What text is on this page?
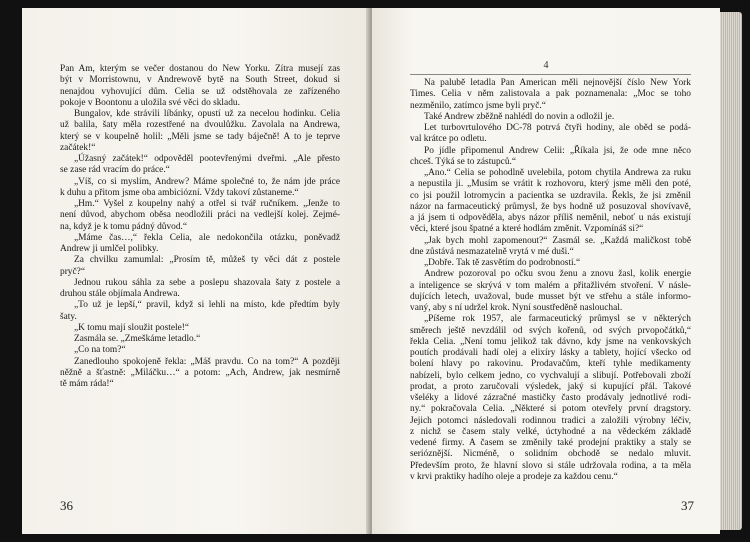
Pan Am, kterým se večer dostanou do New Yorku. Zítra musejí zas
být v Morristownu, v Andrewově bytě na South Street, dokud si
nenajdou vyhovující dům. Celia se už odstěhovala ze zařízeného
pokoje v Boontonu a uložila své věci do skladu.
Bungalov, kde strávili líbánky, opustí už za necelou hodinku. Celia
už balila, šaty měla rozestřené na dvoulůžku. Zavolala na Andrewa,
který se v koupelně holil: „Měli jsme se tady báječně! A to je teprve
začátek!“
„Úžasný začátek!“ odpověděl pootevřenými dveřmi. „Ale přesto
se zase rád vracím do práce.“
„Víš, co si myslím, Andrew? Máme společné to, že nám jde práce
k duhu a přitom jsme oba ambiciózní. Vždy takoví zůstaneme.“
„Hm.“ Vyšel z koupelny nahý a otřel si tvář ručníkem. „Jenže to
není důvod, abychom oběsa neodložili práci na vedlejší kolej. Zejmé-
na, když je k tomu pádný důvod.“
„Máme čas…,“ řekla Celia, ale nedokončila otázku, poněvadž
Andrew ji umlčel polibky.
Za chvilku zamumlal: „Prosím tě, můžeš ty věci dát z postele
pryč?“
Jednou rukou sáhla za sebe a poslepu shazovala šaty z postele a
druhou stále objímala Andrewa.
„To už je lepší,“ pravil, když si lehli na místo, kde předtím byly
šaty.
„K tomu mají sloužit postele!“
Zasmála se. „Zmeškáme letadlo.“
„Co na tom?“
Zanedlouho spokojeně řekla: „Máš pravdu. Co na tom?“ A později
něžně a šťastně: „Miláčku…“ a potom: „Ach, Andrew, jak nesmírně
tě mám ráda!“
36
4
Na palubě letadla Pan American měli nejnovější číslo New York
Times. Celia v něm zalistovala a pak poznamenala: „Moc se toho
nezměnilo, zatímco jsme byli pryč.“
Také Andrew zběžně nahlédl do novin a odložil je.
Let turbovrtulového DC-78 potrvá čtyři hodiny, ale oběd se podá-
val krátce po odletu.
Po jídle připomenul Andrew Celii: „Říkala jsi, že ode mne něco
chceš. Týká se to zástupců.“
„Ano.“ Celia se pohodlně uvelebila, potom chytila Andrewa za ruku
a nepustila ji. „Musím se vrátit k rozhovoru, který jsme měli den poté,
co jsi použil lotromycin a pacientka se uzdravila. Řekls, že jsi změnil
názor na farmaceutický průmysl, že bys hodně už posuzoval shovívavě,
a já jsem ti odpověděla, abys názor příliš neměnil, neboť u nás existují
věci, které jsou špatné a které hodlám změnit. Vzpomínáš si?“
„Jak bych mohl zapomenout?“ Zasmál se. „Každá maličkost tobě
dne zůstává nesmazatelně vrytá v mé duši.“
„Dobře. Tak tě zasvětím do podrobností.“
Andrew pozoroval po očku svou ženu a znovu žasl, kolik energie
a inteligence se skrývá v tom malém a přitažlivém stvoření. V násle-
dujících letech, uvažoval, bude musset být ve střehu a stále informo-
vaný, aby s ní udržel krok. Nyní soustředěně naslouchal.
„Píšeme rok 1957, ale farmaceutický průmysl se v některých
směrech ještě nevzdálil od svých kořenů, od svých prvopočátků,“
řekla Celia. „Není tomu jelikož tak dávno, kdy jsme na venkovských
poutích prodávali hadí olej a elixíry lásky a tablety, hojící všecko od
bolení hlavy po rakovinu. Prodavačům, kteří tyhle medikamenty
nabízeli, bylo celkem jedno, co vychvalují a slibují. Potřebovali zboží
prodat, a proto zaručovali výsledek, jaký si kupující přál. Takové
všeléky a lidové zázračné mastičky často prodávaly jednotlivé rodi-
ny.“ pokračovala Celia. „Některé si potom otevřely první dragstory.
Jejich potomci následovali rodinnou tradici a založili výrobny léčiv,
z nichž se časem staly velké, úctyhodné a na vědeckém základě
vedené firmy. A časem se změnily také prodejní praktiky a staly se
serióznější. Nicméně, o solidním obchodě se nedalo mluvit.
Především proto, že hlavní slovo si stále udržovala rodina, a ta měla
v krvi praktiky hadího oleje a prodeje za každou cenu.“
37
